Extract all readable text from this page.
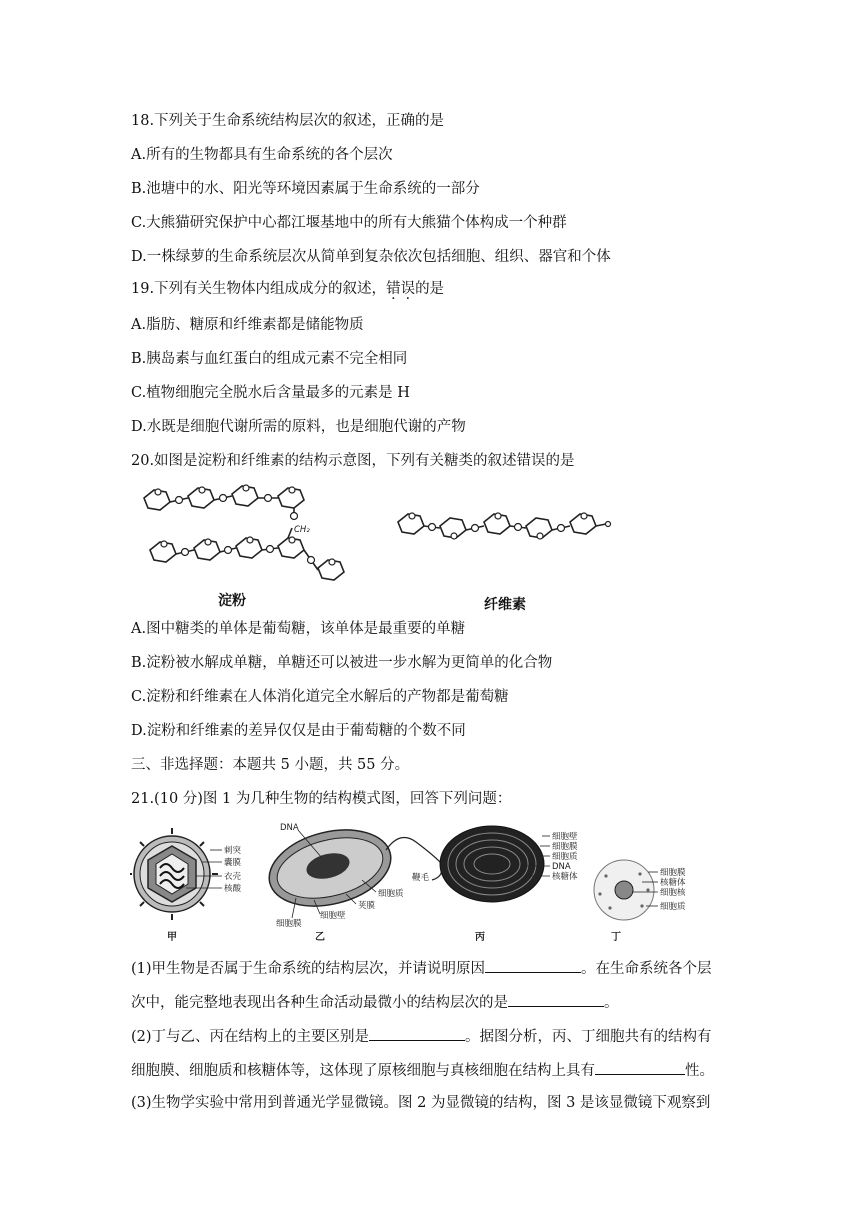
18.下列关于生命系统结构层次的叙述，正确的是
A.所有的生物都具有生命系统的各个层次
B.池塘中的水、阳光等环境因素属于生命系统的一部分
C.大熊猫研究保护中心都江堰基地中的所有大熊猫个体构成一个种群
D.一株绿萝的生命系统层次从简单到复杂依次包括细胞、组织、器官和个体
19.下列有关生物体内组成成分的叙述，错误的是
A.脂肪、糖原和纤维素都是储能物质
B.胰岛素与血红蛋白的组成元素不完全相同
C.植物细胞完全脱水后含量最多的元素是 H
D.水既是细胞代谢所需的原料，也是细胞代谢的产物
20.如图是淀粉和纤维素的结构示意图，下列有关糖类的叙述错误的是
CH₂
淀粉	纤维素
A.图中糖类的单体是葡萄糖，该单体是最重要的单糖
B.淀粉被水解成单糖，单糖还可以被进一步水解为更简单的化合物
C.淀粉和纤维素在人体消化道完全水解后的产物都是葡萄糖
D.淀粉和纤维素的差异仅仅是由于葡萄糖的个数不同
三、非选择题：本题共 5 小题，共 55 分。
21.(10 分)图 1 为几种生物的结构模式图，回答下列问题：
刺突
囊膜
衣壳
核酸
甲
DNA
鞭毛
细胞质
荚膜
细胞壁
细胞膜
乙
细胞壁
细胞膜
细胞质
DNA
核糖体
丙
细胞膜
核糖体
细胞核
细胞质
丁
(1)甲生物是否属于生命系统的结构层次，并请说明原因	。在生命系统各个层
次中，能完整地表现出各种生命活动最微小的结构层次的是	。
(2)丁与乙、丙在结构上的主要区别是	。据图分析，丙、丁细胞共有的结构有
细胞膜、细胞质和核糖体等，这体现了原核细胞与真核细胞在结构上具有	性。
(3)生物学实验中常用到普通光学显微镜。图 2 为显微镜的结构，图 3 是该显微镜下观察到
